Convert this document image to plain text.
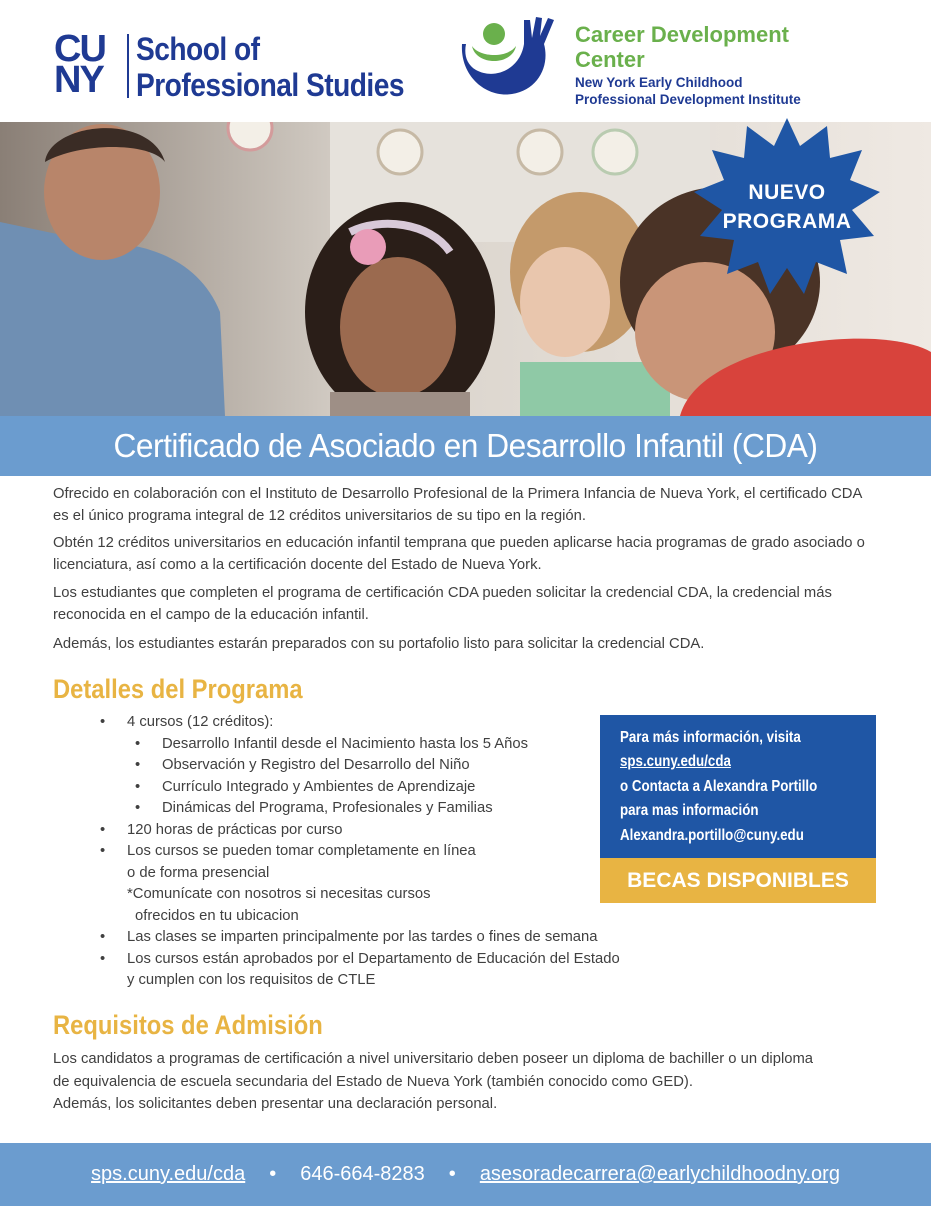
CU
NY
School of
Professional Studies
Career Development
Center
New York Early Childhood
Professional Development Institute
NUEVO
PROGRAMA
Certificado de Asociado en Desarrollo Infantil (CDA)

Ofrecido en colaboración con el Instituto de Desarrollo Profesional de la Primera Infancia de Nueva York, el certificado CDA es el único programa integral de 12 créditos universitarios de su tipo en la región.

Obtén 12 créditos universitarios en educación infantil temprana que pueden aplicarse hacia programas de grado asociado o licenciatura, así como a la certificación docente del Estado de Nueva York.

Los estudiantes que completen el programa de certificación CDA pueden solicitar la credencial CDA, la credencial más reconocida en el campo de la educación infantil.

Además, los estudiantes estarán preparados con su portafolio listo para solicitar la credencial CDA.

Detalles del Programa
• 4 cursos (12 créditos):
• Desarrollo Infantil desde el Nacimiento hasta los 5 Años
• Observación y Registro del Desarrollo del Niño
• Currículo Integrado y Ambientes de Aprendizaje
• Dinámicas del Programa, Profesionales y Familias
• 120 horas de prácticas por curso
• Los cursos se pueden tomar completamente en línea
o de forma presencial
*Comunícate con nosotros si necesitas cursos
ofrecidos en tu ubicacion
• Las clases se imparten principalmente por las tardes o fines de semana
• Los cursos están aprobados por el Departamento de Educación del Estado
y cumplen con los requisitos de CTLE
Para más información, visita
sps.cuny.edu/cda
o Contacta a Alexandra Portillo
para mas información
Alexandra.portillo@cuny.edu
BECAS DISPONIBLES
Requisitos de Admisión

Los candidatos a programas de certificación a nivel universitario deben poseer un diploma de bachiller o un diploma

de equivalencia de escuela secundaria del Estado de Nueva York (también conocido como GED).

Además, los solicitantes deben presentar una declaración personal.

sps.cuny.edu/cda • 646-664-8283 • asesoradecarrera@earlychildhoodny.org
